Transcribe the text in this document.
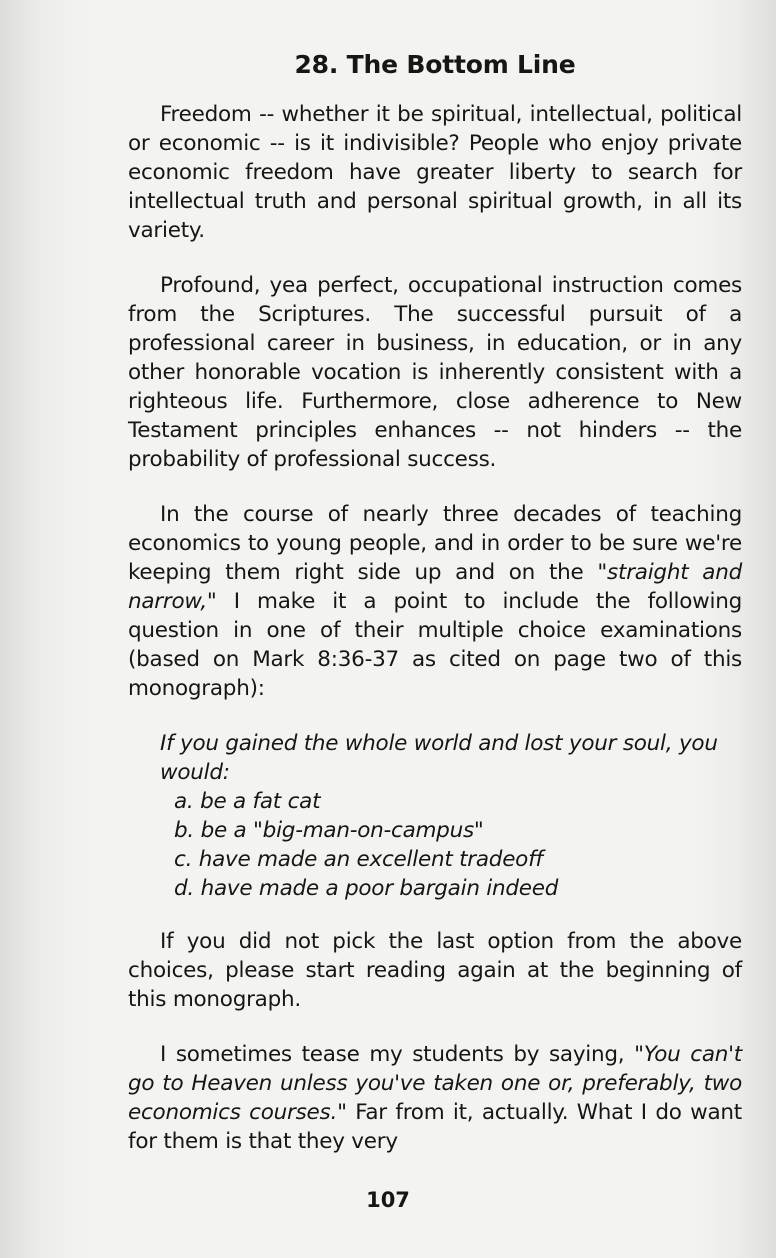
28. The Bottom Line

Freedom -- whether it be spiritual, intellectual, political or economic -- is it indivisible? People who enjoy private economic freedom have greater liberty to search for intellectual truth and personal spiritual growth, in all its variety.

Profound, yea perfect, occupational instruction comes from the Scriptures. The successful pursuit of a professional career in business, in education, or in any other honorable vocation is inherently consistent with a righteous life. Furthermore, close adherence to New Testament principles enhances -- not hinders -- the probability of professional success.

In the course of nearly three decades of teaching economics to young people, and in order to be sure we're keeping them right side up and on the "straight and narrow," I make it a point to include the following question in one of their multiple choice examinations (based on Mark 8:36-37 as cited on page two of this monograph):

If you gained the whole world and lost your soul, you would:
a. be a fat cat
b. be a "big-man-on-campus"
c. have made an excellent tradeoff
d. have made a poor bargain indeed

If you did not pick the last option from the above choices, please start reading again at the beginning of this monograph.

I sometimes tease my students by saying, "You can't go to Heaven unless you've taken one or, preferably, two economics courses." Far from it, actually. What I do want for them is that they very

107
